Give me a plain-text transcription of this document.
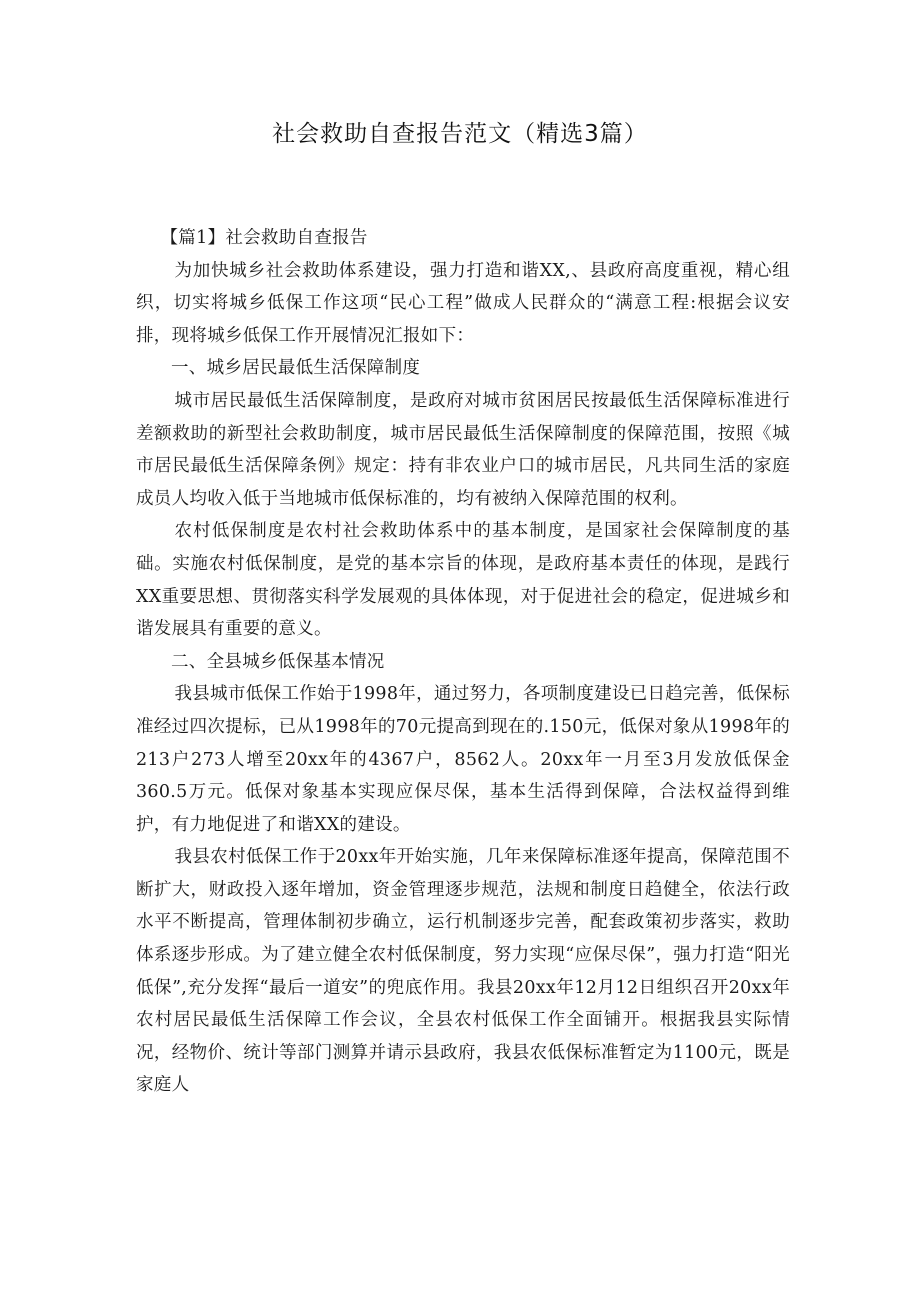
社会救助自查报告范文（精选3篇）

【篇1】社会救助自查报告

为加快城乡社会救助体系建设，强力打造和谐XX,、县政府高度重视，精心组织，切实将城乡低保工作这项“民心工程”做成人民群众的“满意工程:根据会议安排，现将城乡低保工作开展情况汇报如下：

一、城乡居民最低生活保障制度

城市居民最低生活保障制度，是政府对城市贫困居民按最低生活保障标准进行差额救助的新型社会救助制度，城市居民最低生活保障制度的保障范围，按照《城市居民最低生活保障条例》规定：持有非农业户口的城市居民，凡共同生活的家庭成员人均收入低于当地城市低保标准的，均有被纳入保障范围的权利。

农村低保制度是农村社会救助体系中的基本制度，是国家社会保障制度的基础。实施农村低保制度，是党的基本宗旨的体现，是政府基本责任的体现，是践行XX重要思想、贯彻落实科学发展观的具体体现，对于促进社会的稳定，促进城乡和谐发展具有重要的意义。

二、全县城乡低保基本情况

我县城市低保工作始于1998年，通过努力，各项制度建设已日趋完善，低保标准经过四次提标，已从1998年的70元提高到现在的.150元，低保对象从1998年的213户273人增至20xx年的4367户，8562人。20xx年一月至3月发放低保金360.5万元。低保对象基本实现应保尽保，基本生活得到保障，合法权益得到维护，有力地促进了和谐XX的建设。

我县农村低保工作于20xx年开始实施，几年来保障标准逐年提高，保障范围不断扩大，财政投入逐年增加，资金管理逐步规范，法规和制度日趋健全，依法行政水平不断提高，管理体制初步确立，运行机制逐步完善，配套政策初步落实，救助体系逐步形成。为了建立健全农村低保制度，努力实现“应保尽保”，强力打造“阳光低保”,充分发挥“最后一道安”的兜底作用。我县20xx年12月12日组织召开20xx年农村居民最低生活保障工作会议，全县农村低保工作全面铺开。根据我县实际情况，经物价、统计等部门测算并请示县政府，我县农低保标准暂定为1100元，既是家庭人
